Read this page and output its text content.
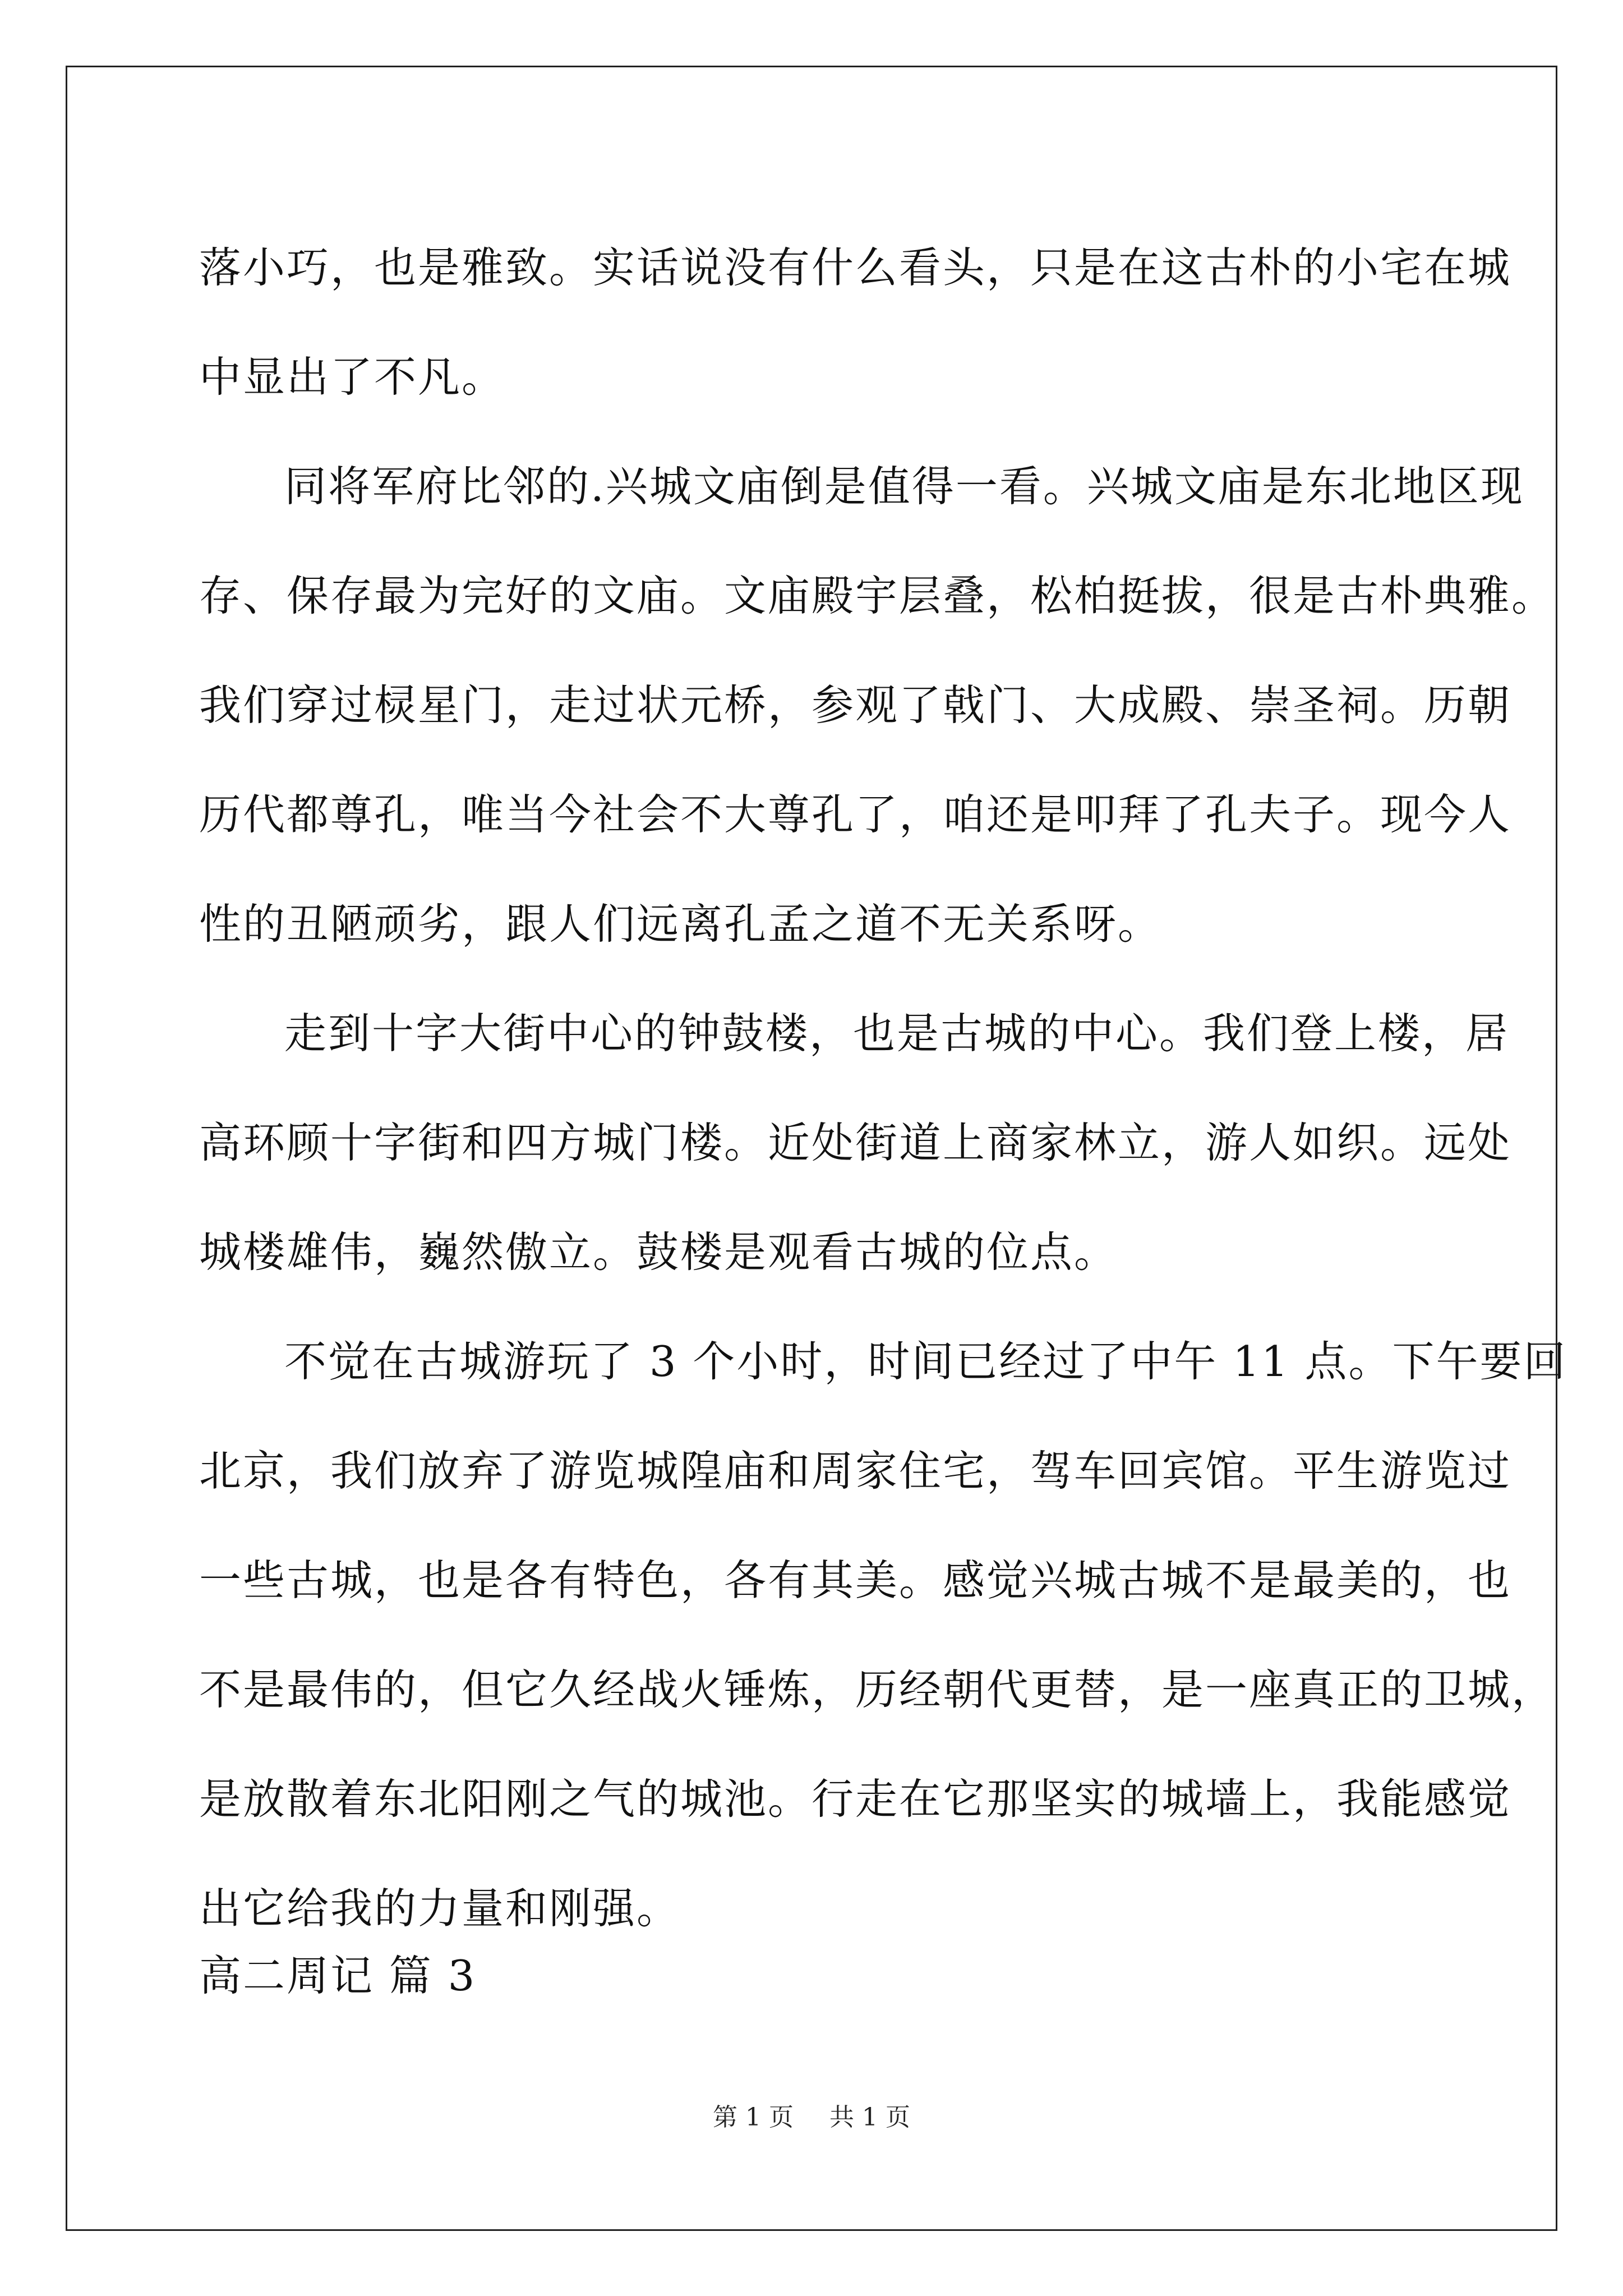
落小巧，也是雅致。实话说没有什么看头，只是在这古朴的小宅在城
中显出了不凡。
同将军府比邻的.兴城文庙倒是值得一看。兴城文庙是东北地区现
存、保存最为完好的文庙。文庙殿宇层叠，松柏挺拔，很是古朴典雅。
我们穿过棂星门，走过状元桥，参观了戟门、大成殿、崇圣祠。历朝
历代都尊孔，唯当今社会不大尊孔了，咱还是叩拜了孔夫子。现今人
性的丑陋顽劣，跟人们远离孔孟之道不无关系呀。
走到十字大街中心的钟鼓楼，也是古城的中心。我们登上楼，居
高环顾十字街和四方城门楼。近处街道上商家林立，游人如织。远处
城楼雄伟，巍然傲立。鼓楼是观看古城的位点。
不觉在古城游玩了 3 个小时，时间已经过了中午 11 点。下午要回
北京，我们放弃了游览城隍庙和周家住宅，驾车回宾馆。平生游览过
一些古城，也是各有特色，各有其美。感觉兴城古城不是最美的，也
不是最伟的，但它久经战火锤炼，历经朝代更替，是一座真正的卫城，
是放散着东北阳刚之气的城池。行走在它那坚实的城墙上，我能感觉
出它给我的力量和刚强。
高二周记 篇 3
第 1 页 共 1 页
